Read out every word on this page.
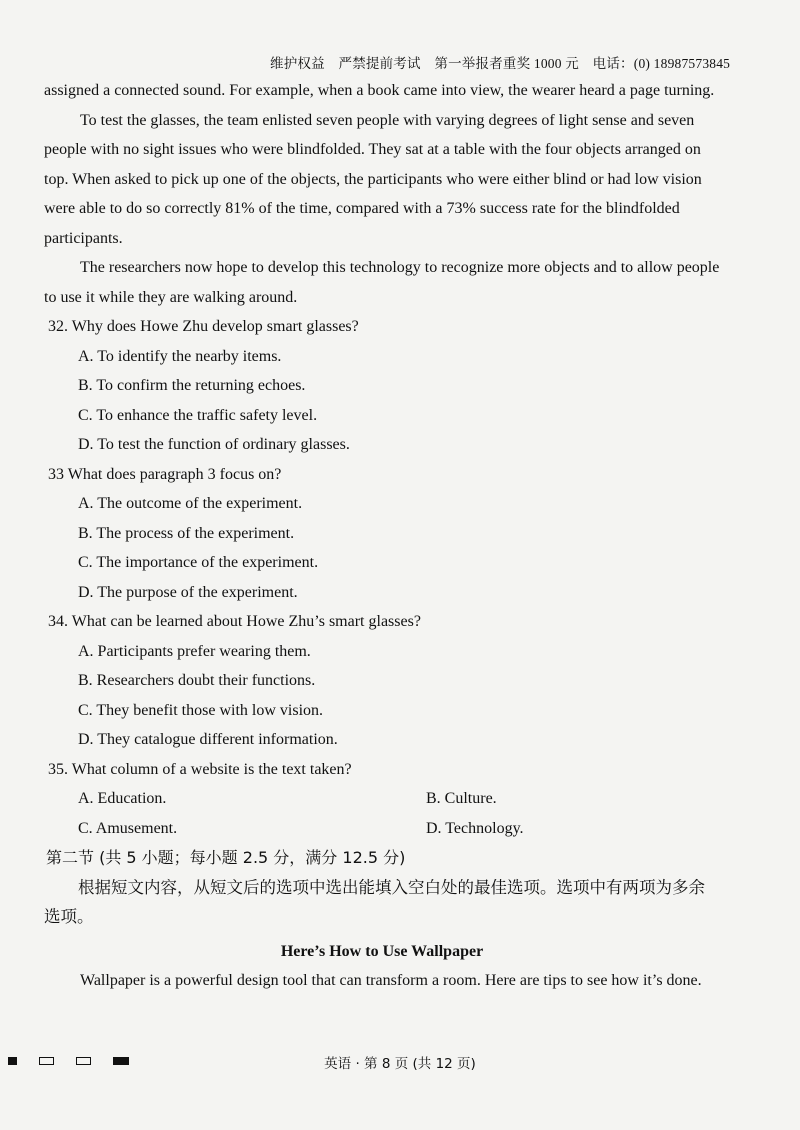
维护权益　严禁提前考试　第一举报者重奖 1000 元　电话：(0) 18987573845

assigned a connected sound. For example, when a book came into view, the wearer heard a page turning.

To test the glasses, the team enlisted seven people with varying degrees of light sense and seven people with no sight issues who were blindfolded. They sat at a table with the four objects arranged on top. When asked to pick up one of the objects, the participants who were either blind or had low vision were able to do so correctly 81% of the time, compared with a 73% success rate for the blindfolded participants.

The researchers now hope to develop this technology to recognize more objects and to allow people to use it while they are walking around.

32. Why does Howe Zhu develop smart glasses?

A. To identify the nearby items.

B. To confirm the returning echoes.

C. To enhance the traffic safety level.

D. To test the function of ordinary glasses.

33 What does paragraph 3 focus on?

A. The outcome of the experiment.

B. The process of the experiment.

C. The importance of the experiment.

D. The purpose of the experiment.

34. What can be learned about Howe Zhu’s smart glasses?

A. Participants prefer wearing them.

B. Researchers doubt their functions.

C. They benefit those with low vision.

D. They catalogue different information.

35. What column of a website is the text taken?

A. Education.	B. Culture.
C. Amusement.	D. Technology.

第二节 (共 5 小题；每小题 2.5 分，满分 12.5 分)

根据短文内容，从短文后的选项中选出能填入空白处的最佳选项。选项中有两项为多余选项。

Here’s How to Use Wallpaper

Wallpaper is a powerful design tool that can transform a room. Here are tips to see how it’s done.

英语 · 第 8 页 (共 12 页)
